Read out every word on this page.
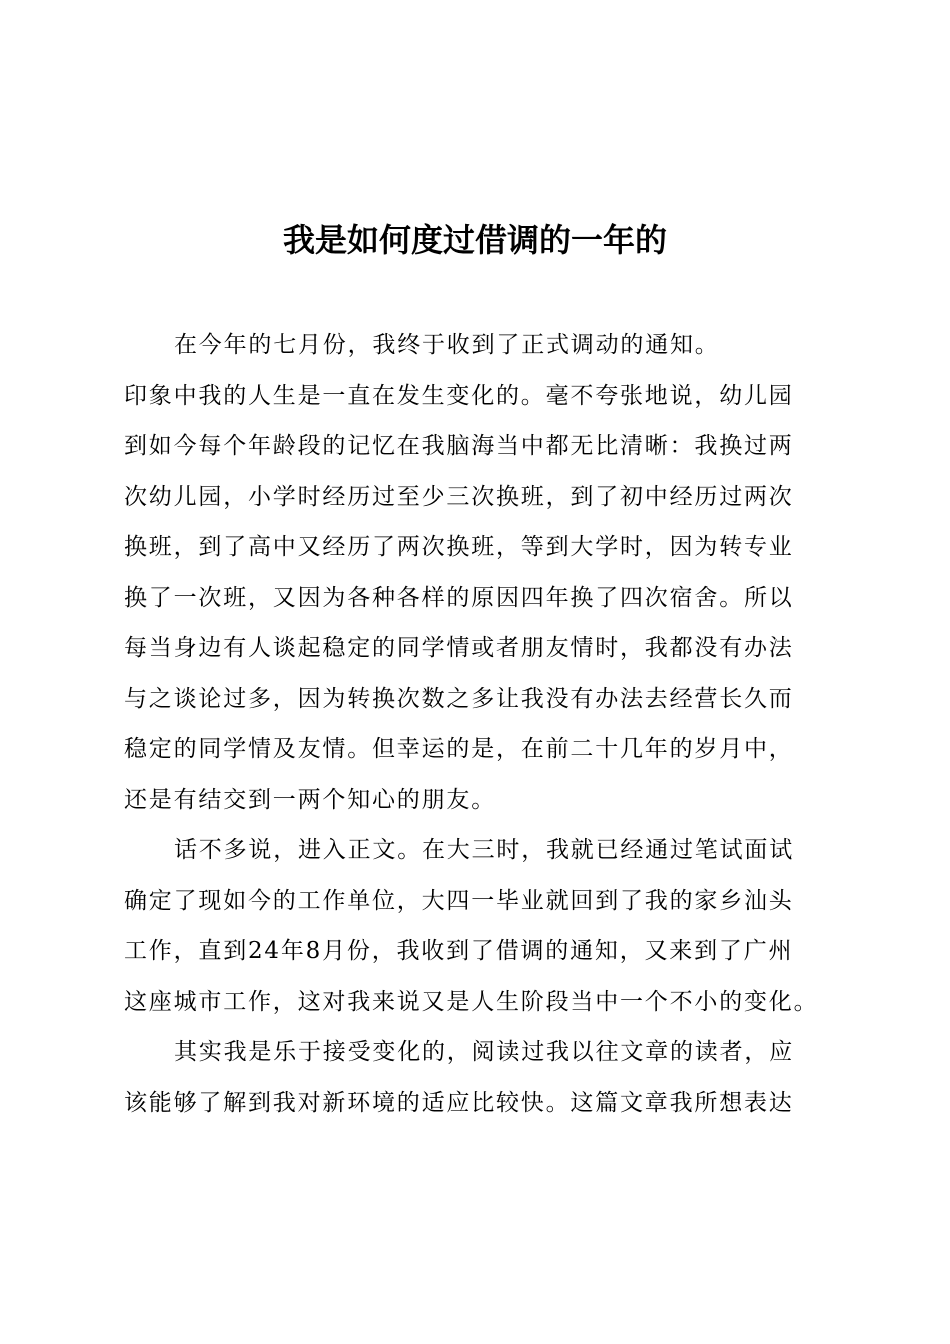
我是如何度过借调的一年的

在今年的七月份，我终于收到了正式调动的通知。

印象中我的人生是一直在发生变化的。毫不夸张地说，幼儿园
到如今每个年龄段的记忆在我脑海当中都无比清晰：我换过两
次幼儿园，小学时经历过至少三次换班，到了初中经历过两次
换班，到了高中又经历了两次换班，等到大学时，因为转专业
换了一次班，又因为各种各样的原因四年换了四次宿舍。所以
每当身边有人谈起稳定的同学情或者朋友情时，我都没有办法
与之谈论过多，因为转换次数之多让我没有办法去经营长久而
稳定的同学情及友情。但幸运的是，在前二十几年的岁月中，
还是有结交到一两个知心的朋友。

话不多说，进入正文。在大三时，我就已经通过笔试面试
确定了现如今的工作单位，大四一毕业就回到了我的家乡汕头
工作，直到24年8月份，我收到了借调的通知，又来到了广州
这座城市工作，这对我来说又是人生阶段当中一个不小的变化。

其实我是乐于接受变化的，阅读过我以往文章的读者，应
该能够了解到我对新环境的适应比较快。这篇文章我所想表达
